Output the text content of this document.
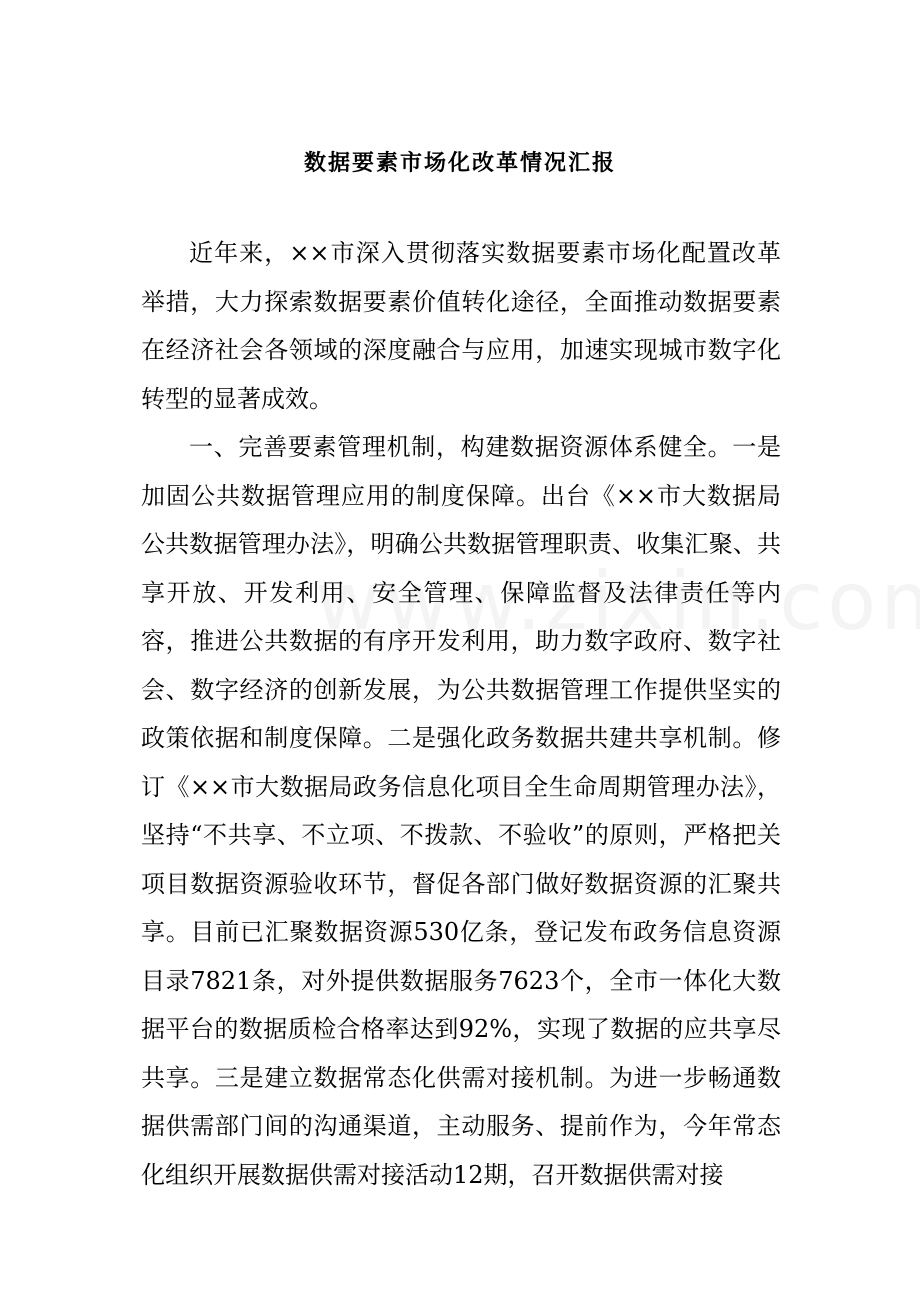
数据要素市场化改革情况汇报

近年来，××市深入贯彻落实数据要素市场化配置改革举措，大力探索数据要素价值转化途径，全面推动数据要素在经济社会各领域的深度融合与应用，加速实现城市数字化转型的显著成效。

一、完善要素管理机制，构建数据资源体系健全。一是加固公共数据管理应用的制度保障。出台《××市大数据局公共数据管理办法》，明确公共数据管理职责、收集汇聚、共享开放、开发利用、安全管理、保障监督及法律责任等内容，推进公共数据的有序开发利用，助力数字政府、数字社会、数字经济的创新发展，为公共数据管理工作提供坚实的政策依据和制度保障。二是强化政务数据共建共享机制。修订《××市大数据局政务信息化项目全生命周期管理办法》，坚持“不共享、不立项、不拨款、不验收”的原则，严格把关项目数据资源验收环节，督促各部门做好数据资源的汇聚共享。目前已汇聚数据资源530亿条，登记发布政务信息资源目录7821条，对外提供数据服务7623个，全市一体化大数据平台的数据质检合格率达到92%，实现了数据的应共享尽共享。三是建立数据常态化供需对接机制。为进一步畅通数据供需部门间的沟通渠道，主动服务、提前作为，今年常态化组织开展数据供需对接活动12期，召开数据供需对接
